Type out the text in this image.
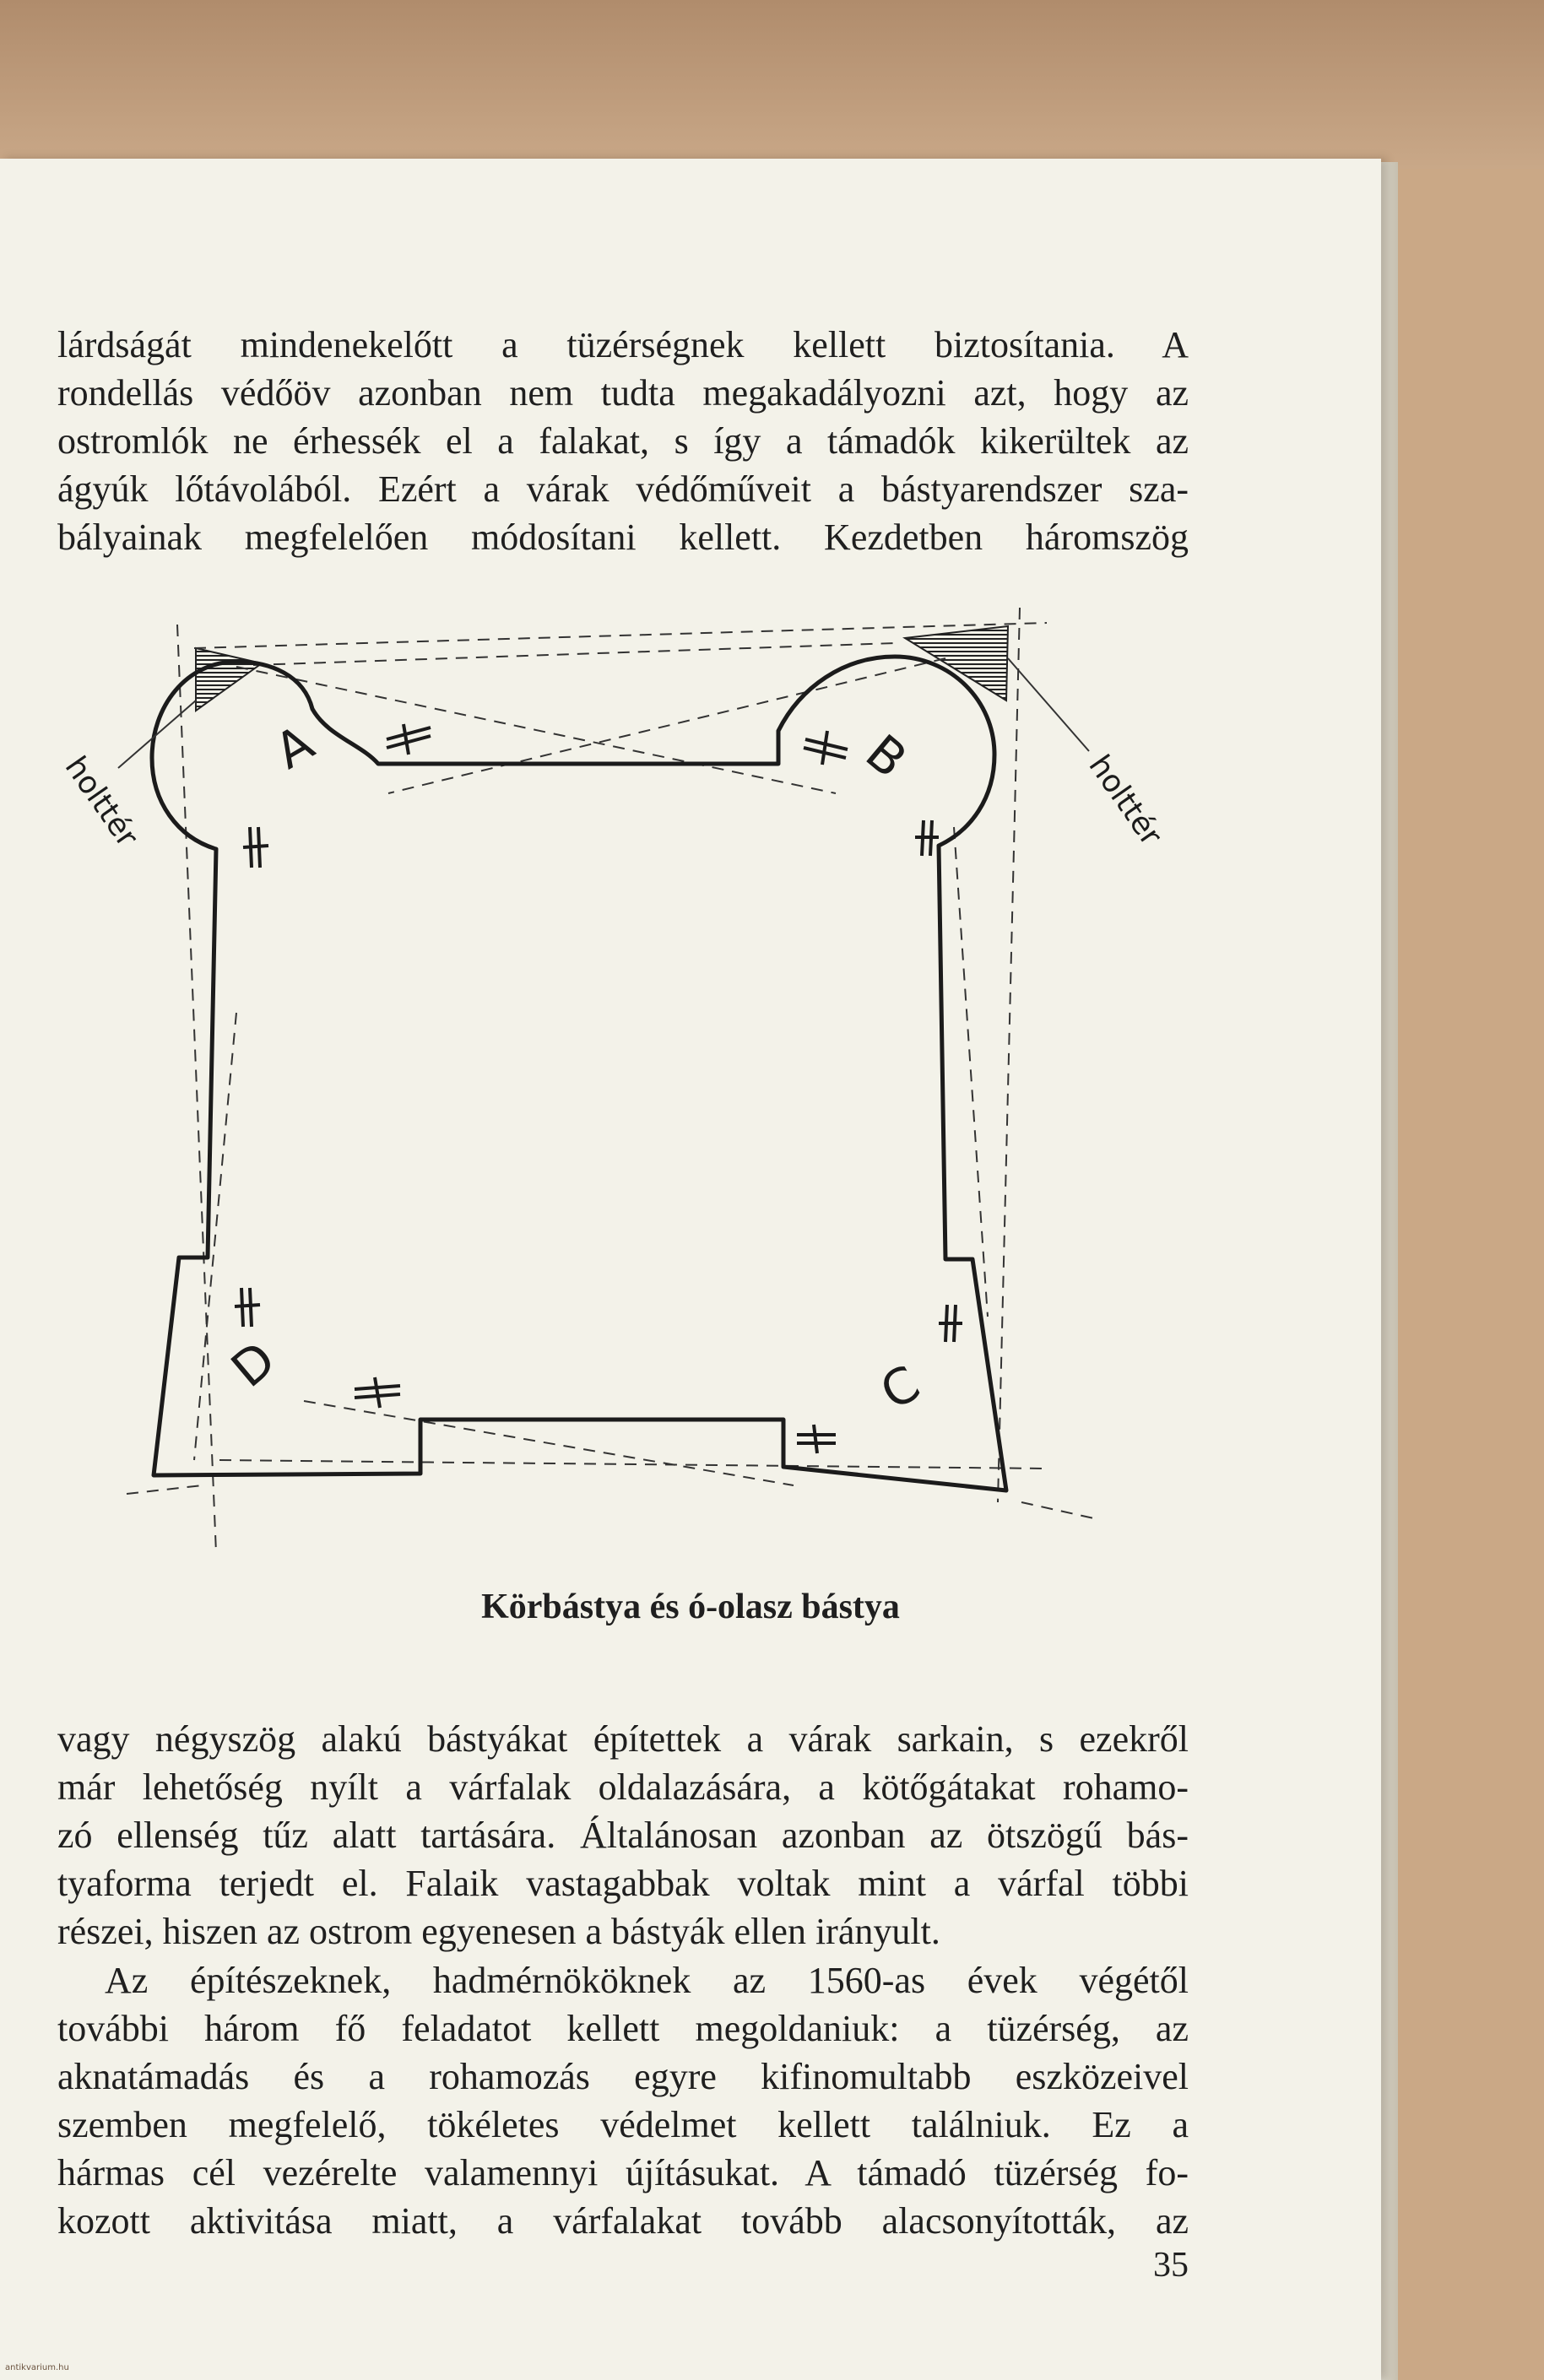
lárdságát mindenekelőtt a tüzérségnek kellett biztosítania. A
rondellás védőöv azonban nem tudta megakadályozni azt, hogy az
ostromlók ne érhessék el a falakat, s így a támadók kikerültek az
ágyúk lőtávolából. Ezért a várak védőműveit a bástyarendszer sza-
bályainak megfelelően módosítani kellett. Kezdetben háromszög

A	B
C
D
holttér	holttér

Körbástya és ó-olasz bástya

vagy négyszög alakú bástyákat építettek a várak sarkain, s ezekről
már lehetőség nyílt a várfalak oldalazására, a kötőgátakat rohamo-
zó ellenség tűz alatt tartására. Általánosan azonban az ötszögű bás-
tyaforma terjedt el. Falaik vastagabbak voltak mint a várfal többi
részei, hiszen az ostrom egyenesen a bástyák ellen irányult.

Az építészeknek, hadmérnököknek az 1560-as évek végétől
további három fő feladatot kellett megoldaniuk: a tüzérség, az
aknatámadás és a rohamozás egyre kifinomultabb eszközeivel
szemben megfelelő, tökéletes védelmet kellett találniuk. Ez a
hármas cél vezérelte valamennyi újításukat. A támadó tüzérség fo-
kozott aktivitása miatt, a várfalakat tovább alacsonyították, az

35

antikvarium.hu
